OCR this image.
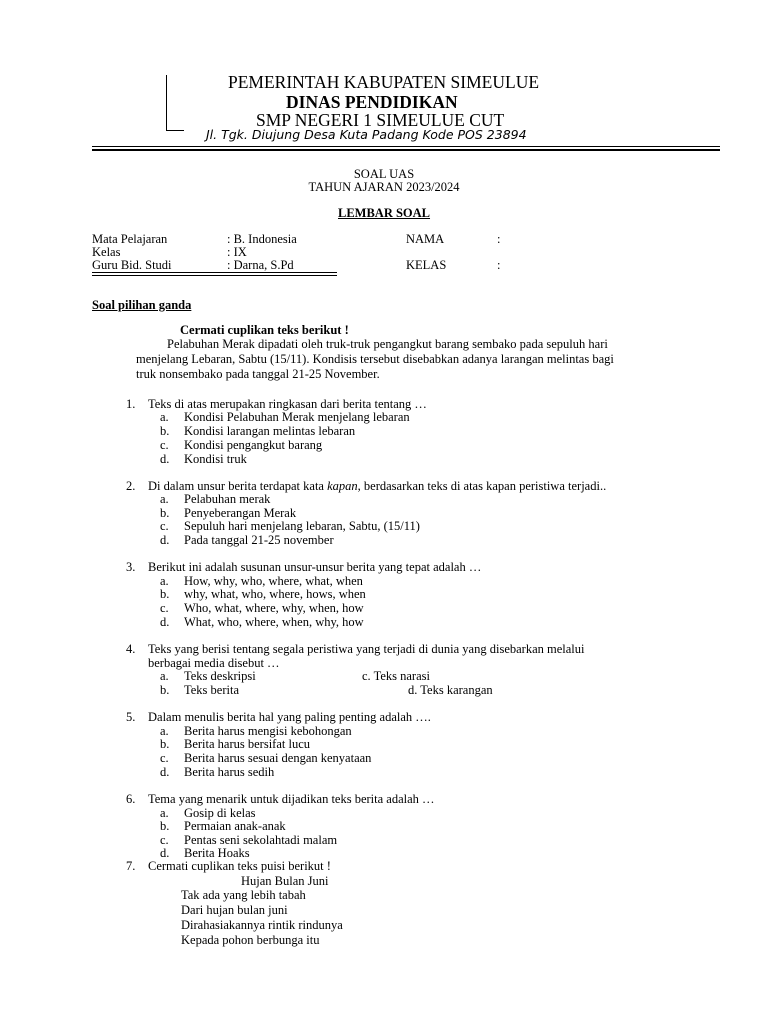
PEMERINTAH KABUPATEN SIMEULUE
DINAS PENDIDIKAN
SMP NEGERI 1 SIMEULUE CUT
Jl. Tgk. Diujung Desa Kuta Padang Kode POS 23894
SOAL UAS
TAHUN AJARAN 2023/2024
LEMBAR SOAL
Mata Pelajaran	: B. Indonesia	NAMA	:
Kelas	: IX
Guru Bid. Studi	: Darna, S.Pd	KELAS	:
Soal pilihan ganda
Cermati cuplikan teks berikut !
Pelabuhan Merak dipadati oleh truk-truk pengangkut barang sembako pada sepuluh hari
menjelang Lebaran, Sabtu (15/11). Kondisis tersebut disebabkan adanya larangan melintas bagi
truk nonsembako pada tanggal 21-25 November.
1. Teks di atas merupakan ringkasan dari berita tentang …
a. Kondisi Pelabuhan Merak menjelang lebaran
b. Kondisi larangan melintas lebaran
c. Kondisi pengangkut barang
d. Kondisi truk
2. Di dalam unsur berita terdapat kata kapan, berdasarkan teks di atas kapan peristiwa terjadi..
a. Pelabuhan merak
b. Penyeberangan Merak
c. Sepuluh hari menjelang lebaran, Sabtu, (15/11)
d. Pada tanggal 21-25 november
3. Berikut ini adalah susunan unsur-unsur berita yang tepat adalah …
a. How, why, who, where, what, when
b. why, what, who, where, hows, when
c. Who, what, where, why, when, how
d. What, who, where, when, why, how
4. Teks yang berisi tentang segala peristiwa yang terjadi di dunia yang disebarkan melalui
berbagai media disebut …
a. Teks deskripsi	c. Teks narasi
b. Teks berita	d. Teks karangan
5. Dalam menulis berita hal yang paling penting adalah ….
a. Berita harus mengisi kebohongan
b. Berita harus bersifat lucu
c. Berita harus sesuai dengan kenyataan
d. Berita harus sedih
6. Tema yang menarik untuk dijadikan teks berita adalah …
a. Gosip di kelas
b. Permaian anak-anak
c. Pentas seni sekolahtadi malam
d. Berita Hoaks
7. Cermati cuplikan teks puisi berikut !
Hujan Bulan Juni
Tak ada yang lebih tabah
Dari hujan bulan juni
Dirahasiakannya rintik rindunya
Kepada pohon berbunga itu
